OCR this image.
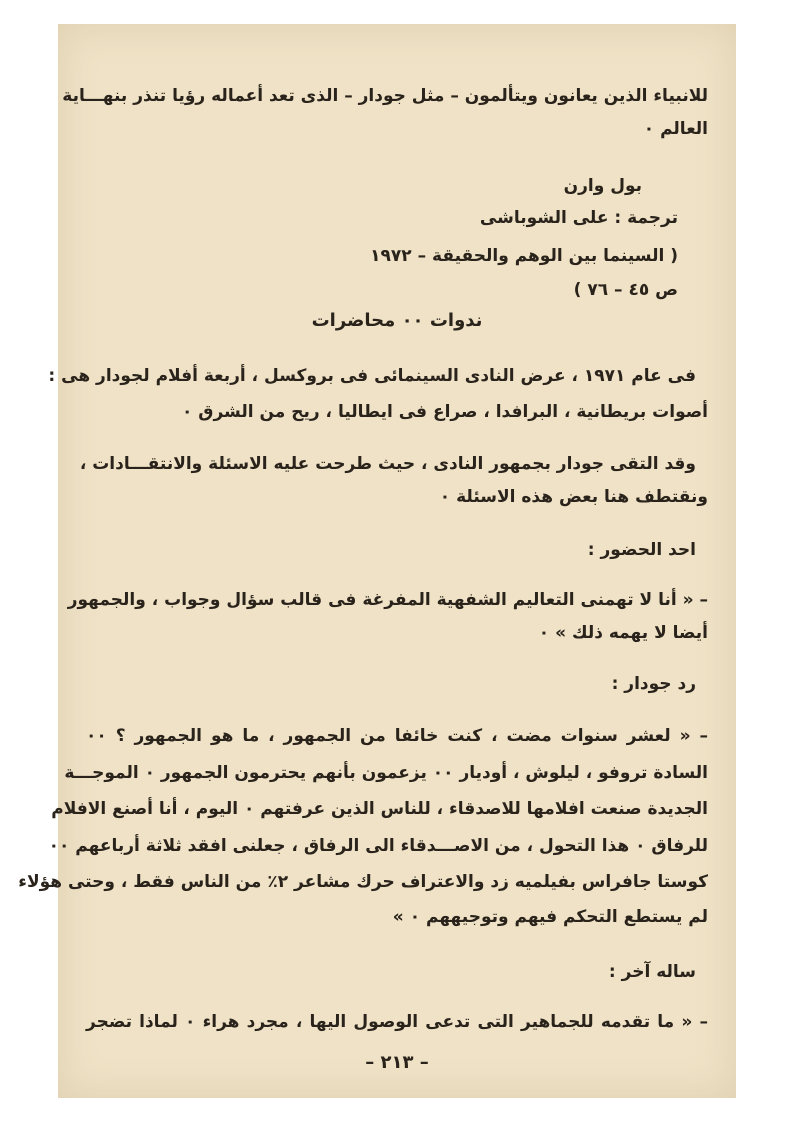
للانبياء الذين يعانون ويتألمون – مثل جودار – الذى تعد أعماله رؤيا تنذر بنهـــاية
العالم ٠
بول وارن
ترجمة : على الشوباشى
( السينما بين الوهم والحقيقة – ١٩٧٢
ص ٤٥ – ٧٦ )
ندوات ٠٠ محاضرات
فى عام ١٩٧١ ، عرض النادى السينمائى فى بروكسل ، أربعة أفلام لجودار هى :
أصوات بريطانية ، البرافدا ، صراع فى ايطاليا ، ريح من الشرق ٠
وقد التقى جودار بجمهور النادى ، حيث طرحت عليه الاسئلة والانتقـــادات ،
ونقتطف هنا بعض هذه الاسئلة ٠
احد الحضور :
– « أنا لا تهمنى التعاليم الشفهية المفرغة فى قالب سؤال وجواب ، والجمهور
أيضا لا يهمه ذلك » ٠
رد جودار :
– « لعشر سنوات مضت ، كنت خائفا من الجمهور ، ما هو الجمهور ؟ ٠٠
السادة تروفو ، ليلوش ، أوديار ٠٠ يزعمون بأنهم يحترمون الجمهور ٠ الموجـــة
الجديدة صنعت افلامها للاصدقاء ، للناس الذين عرفتهم ٠ اليوم ، أنا أصنع الافلام
للرفاق ٠ هذا التحول ، من الاصـــدقاء الى الرفاق ، جعلنى افقد ثلاثة أرباعهم ٠٠
كوستا جافراس بفيلميه زد والاعتراف حرك مشاعر ٢٪ من الناس فقط ، وحتى هؤلاء
لم يستطع التحكم فيهم وتوجيههم ٠ »
ساله آخر :
– « ما تقدمه للجماهير التى تدعى الوصول اليها ، مجرد هراء ٠ لماذا تضجر
– ٢١٣ –
